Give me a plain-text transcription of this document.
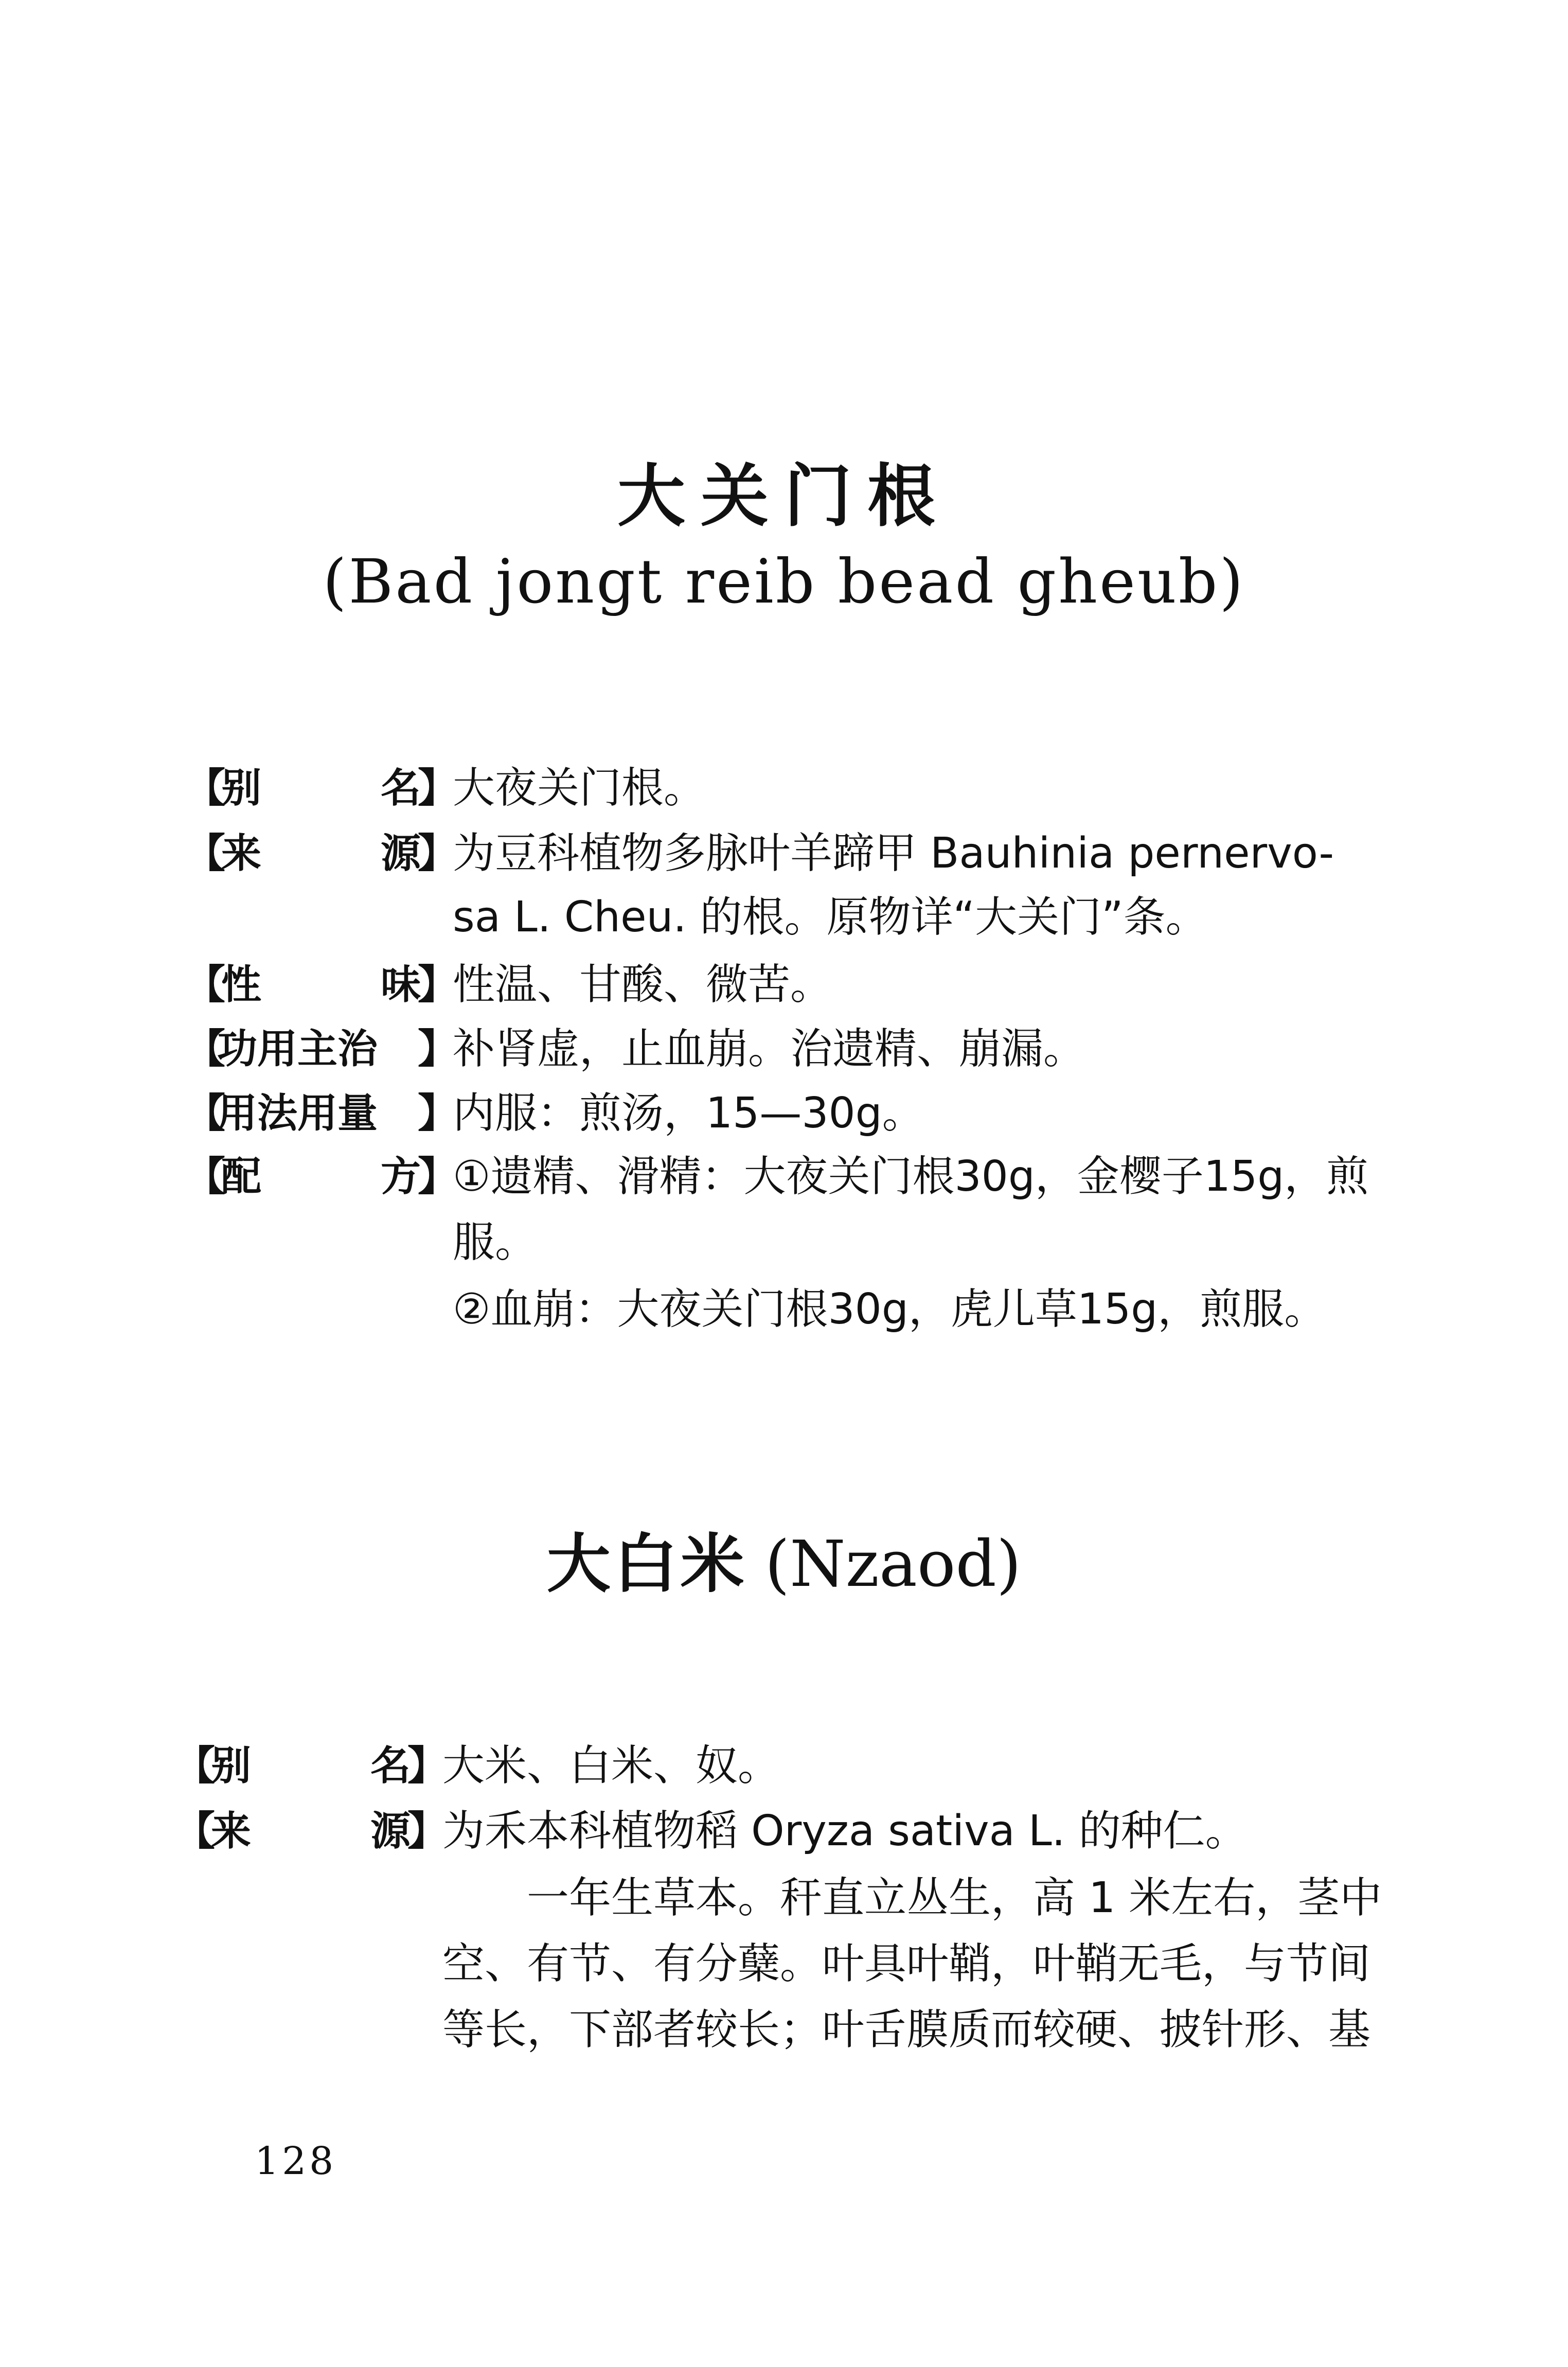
大关门根
(Bad jongt reib bead gheub)
【
别	名
】
大夜关门根。
【
来	源
】
为豆科植物多脉叶羊蹄甲 Bauhinia pernervo-
sa L. Cheu. 的根。原物详“大关门”条。
【
性	味
】
性温、甘酸、微苦。
【
功用主治 】
补肾虚，止血崩。治遗精、崩漏。
【
用法用量 】
内服：煎汤，15—30g。
【
配	方
】
①遗精、滑精：大夜关门根30g，金樱子15g，煎
服。
②血崩：大夜关门根30g，虎儿草15g，煎服。
大白米 (Nzaod)
【
别	名
】
大米、白米、奴。
【
来	源
】
为禾本科植物稻 Oryza sativa L. 的种仁。
一年生草本。秆直立丛生，高 1 米左右，茎中
空、有节、有分蘖。叶具叶鞘，叶鞘无毛，与节间
等长，下部者较长；叶舌膜质而较硬、披针形、基
128
